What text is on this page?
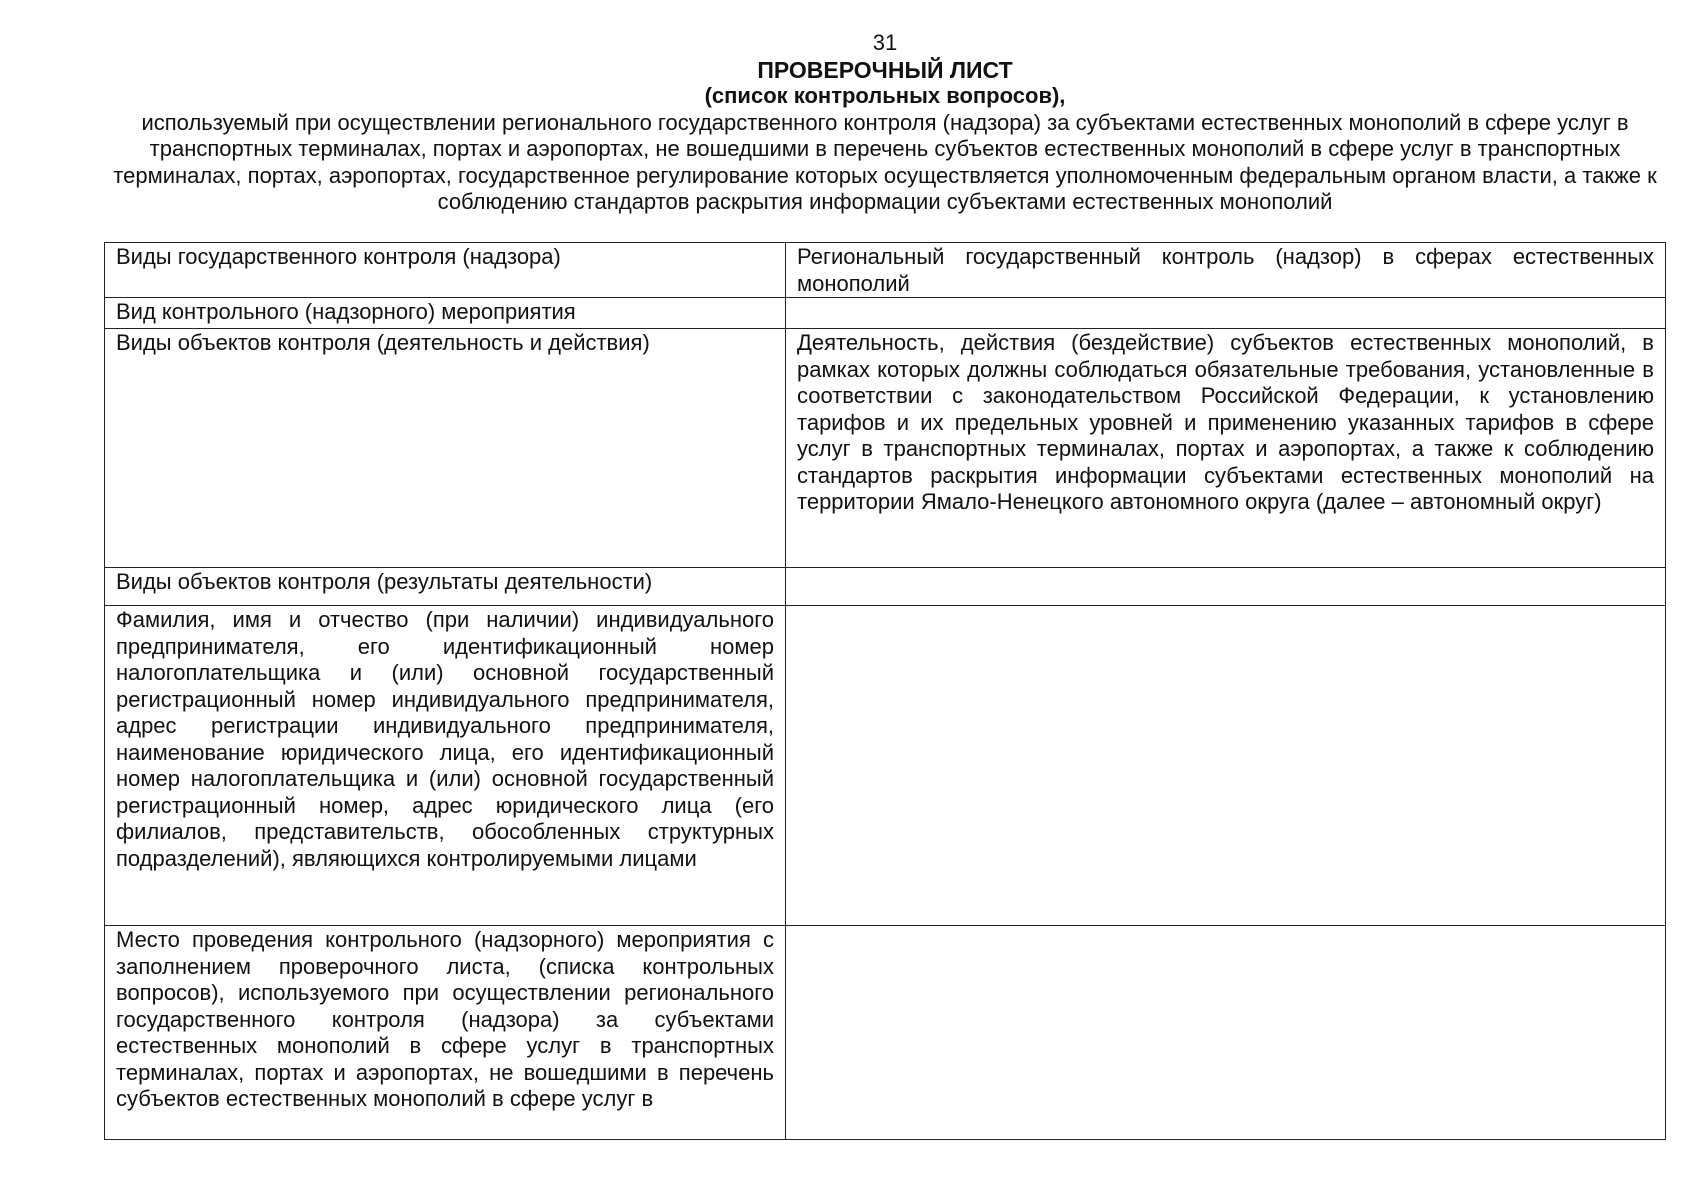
31
ПРОВЕРОЧНЫЙ ЛИСТ
(список контрольных вопросов),
используемый при осуществлении регионального государственного контроля (надзора) за субъектами естественных монополий в сфере услуг в транспортных терминалах, портах и аэропортах, не вошедшими в перечень субъектов естественных монополий в сфере услуг в транспортных терминалах, портах, аэропортах, государственное регулирование которых осуществляется уполномоченным федеральным органом власти, а также к соблюдению стандартов раскрытия информации субъектами естественных монополий
Виды государственного контроля (надзора)	Региональный государственный контроль (надзор) в сферах естественных монополий
Вид контрольного (надзорного) мероприятия	
Виды объектов контроля (деятельность и действия)	Деятельность, действия (бездействие) субъектов естественных монополий, в рамках которых должны соблюдаться обязательные требования, установленные в соответствии с законодательством Российской Федерации, к установлению тарифов и их предельных уровней и применению указанных тарифов в сфере услуг в транспортных терминалах, портах и аэропортах, а также к соблюдению стандартов раскрытия информации субъектами естественных монополий на территории Ямало-Ненецкого автономного округа (далее – автономный округ)
Виды объектов контроля (результаты деятельности)	
Фамилия, имя и отчество (при наличии) индивидуального предпринимателя, его идентификационный номер налогоплательщика и (или) основной государственный регистрационный номер индивидуального предпринимателя, адрес регистрации индивидуального предпринимателя, наименование юридического лица, его идентификационный номер налогоплательщика и (или) основной государственный регистрационный номер, адрес юридического лица (его филиалов, представительств, обособленных структурных подразделений), являющихся контролируемыми лицами	

Место проведения контрольного (надзорного) мероприятия с заполнением проверочного листа, (списка контрольных вопросов), используемого при осуществлении регионального государственного контроля (надзора) за субъектами естественных монополий в сфере услуг в транспортных терминалах, портах и аэропортах, не вошедшими в перечень субъектов естественных монополий в сфере услуг в	
